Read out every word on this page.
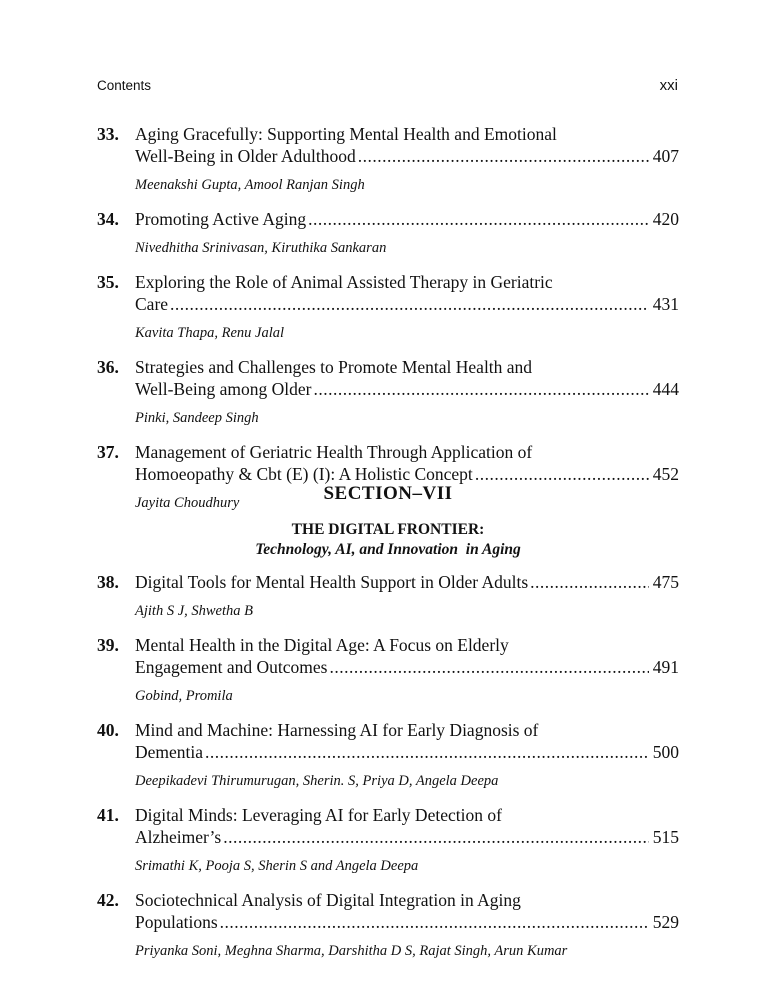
Contents	xxi
33. Aging Gracefully: Supporting Mental Health and Emotional
Well-Being in Older Adulthood .....	407
Meenakshi Gupta, Amool Ranjan Singh
34. Promoting Active Aging .....	420
Nivedhitha Srinivasan, Kiruthika Sankaran
35. Exploring the Role of Animal Assisted Therapy in Geriatric
Care .....	431
Kavita Thapa, Renu Jalal
36. Strategies and Challenges to Promote Mental Health and
Well-Being among Older .....	444
Pinki, Sandeep Singh
37. Management of Geriatric Health Through Application of
Homoeopathy & Cbt (E) (I): A Holistic Concept .....	452
Jayita Choudhury	SECTION–VII
THE DIGITAL FRONTIER:
Technology, AI, and Innovation  in Aging
38. Digital Tools for Mental Health Support in Older Adults .....	475
Ajith S J, Shwetha B
39. Mental Health in the Digital Age: A Focus on Elderly
Engagement and Outcomes .....	491
Gobind, Promila
40. Mind and Machine: Harnessing AI for Early Diagnosis of
Dementia .....	500
Deepikadevi Thirumurugan, Sherin. S, Priya D, Angela Deepa
41. Digital Minds: Leveraging AI for Early Detection of
Alzheimer’s .....	515
Srimathi K, Pooja S, Sherin S and Angela Deepa
42. Sociotechnical Analysis of Digital Integration in Aging
Populations .....	529
Priyanka Soni, Meghna Sharma, Darshitha D S, Rajat Singh, Arun Kumar
